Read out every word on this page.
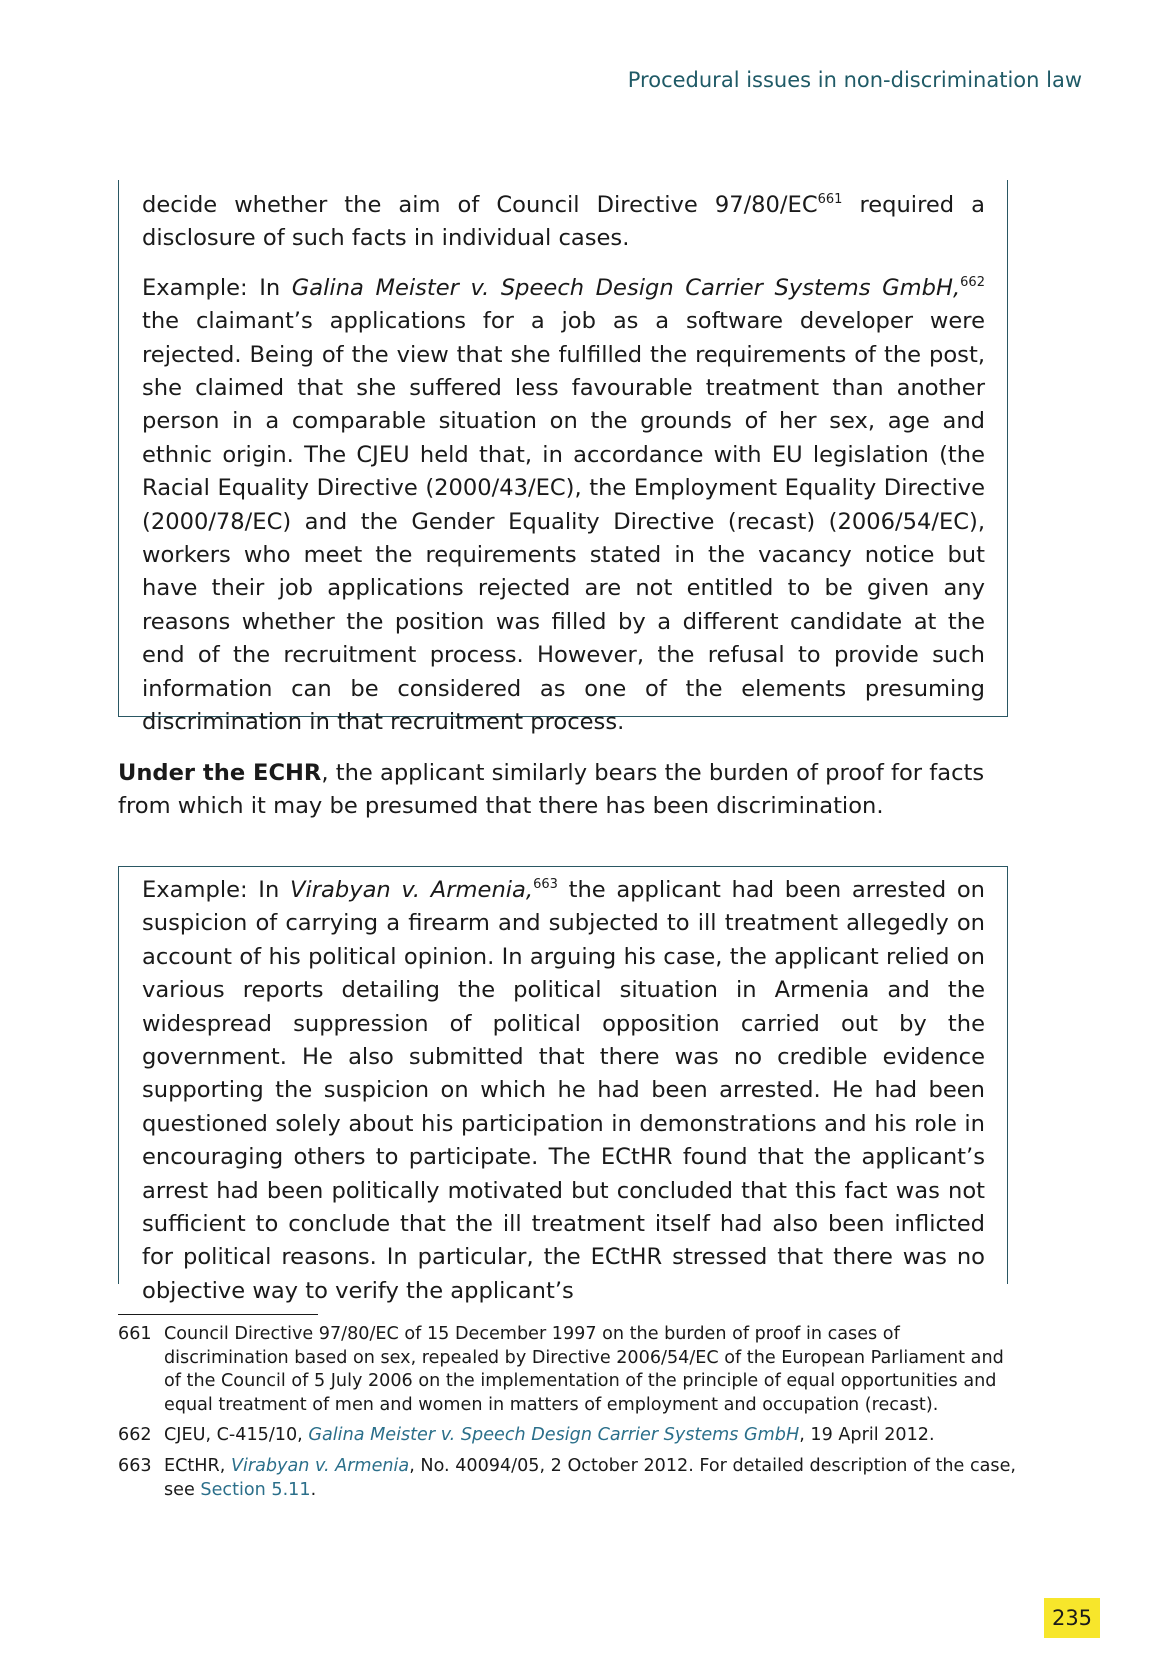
Procedural issues in non-discrimination law

decide whether the aim of Council Directive 97/80/EC$^{661}$ required a disclosure of such facts in individual cases.

Example: In Galina Meister v. Speech Design Carrier Systems GmbH,$^{662}$ the claimant’s applications for a job as a software developer were rejected. Being of the view that she fulfilled the requirements of the post, she claimed that she suffered less favourable treatment than another person in a comparable situation on the grounds of her sex, age and ethnic origin. The CJEU held that, in accordance with EU legislation (the Racial Equality Directive (2000/43/EC), the Employment Equality Directive (2000/78/EC) and the Gender Equality Directive (recast) (2006/54/EC), workers who meet the requirements stated in the vacancy notice but have their job applications rejected are not entitled to be given any reasons whether the position was filled by a different candidate at the end of the recruitment process. However, the refusal to provide such information can be considered as one of the elements presuming discrimination in that recruitment process.

Under the ECHR, the applicant similarly bears the burden of proof for facts from which it may be presumed that there has been discrimination.

Example: In Virabyan v. Armenia,$^{663}$ the applicant had been arrested on suspicion of carrying a firearm and subjected to ill treatment allegedly on account of his political opinion. In arguing his case, the applicant relied on various reports detailing the political situation in Armenia and the widespread suppression of political opposition carried out by the government. He also submitted that there was no credible evidence supporting the suspicion on which he had been arrested. He had been questioned solely about his participation in demonstrations and his role in encouraging others to participate. The ECtHR found that the applicant’s arrest had been politically motivated but concluded that this fact was not sufficient to conclude that the ill treatment itself had also been inflicted for political reasons. In particular, the ECtHR stressed that there was no objective way to verify the applicant’s

661 Council Directive 97/80/EC of 15 December 1997 on the burden of proof in cases of discrimination based on sex, repealed by Directive 2006/54/EC of the European Parliament and of the Council of 5 July 2006 on the implementation of the principle of equal opportunities and equal treatment of men and women in matters of employment and occupation (recast).
662 CJEU, C-415/10, Galina Meister v. Speech Design Carrier Systems GmbH, 19 April 2012.
663 ECtHR, Virabyan v. Armenia, No. 40094/05, 2 October 2012. For detailed description of the case, see Section 5.11.
235
